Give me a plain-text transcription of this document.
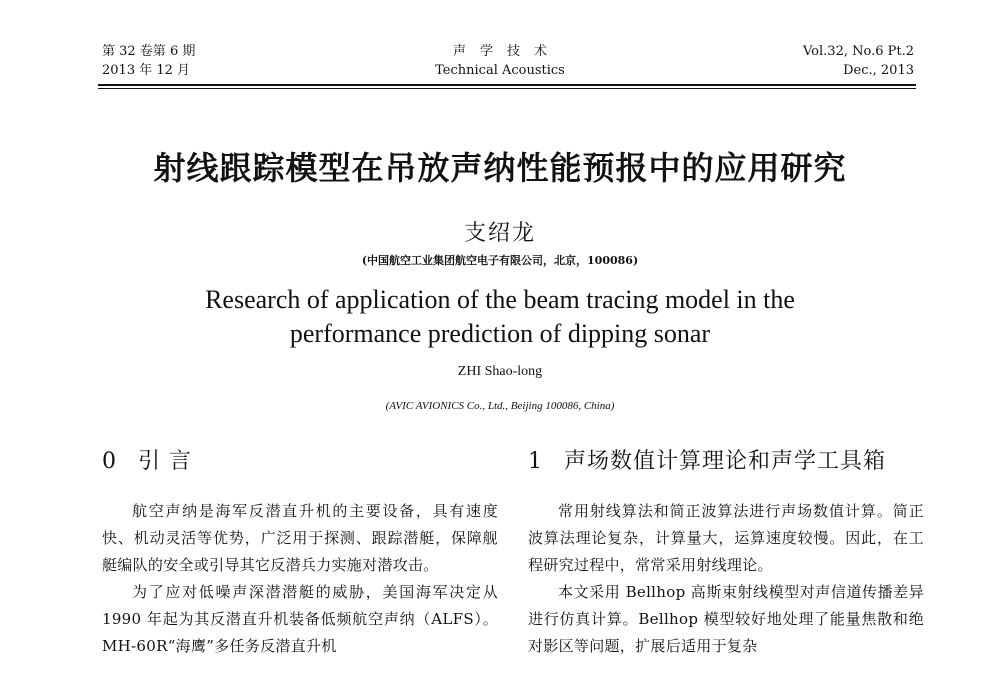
第 32 卷第 6 期
2013 年 12 月
声学技术
Technical Acoustics
Vol.32, No.6 Pt.2
Dec., 2013
射线跟踪模型在吊放声纳性能预报中的应用研究
支绍龙
(中国航空工业集团航空电子有限公司，北京，100086)
Research of application of the beam tracing model in the
performance prediction of dipping sonar
ZHI Shao-long
(AVIC AVIONICS Co., Ltd., Beijing 100086, China)
0 引 言

航空声纳是海军反潜直升机的主要设备，具有速度快、机动灵活等优势，广泛用于探测、跟踪潜艇，保障舰艇编队的安全或引导其它反潜兵力实施对潜攻击。

为了应对低噪声深潜潜艇的威胁，美国海军决定从 1990 年起为其反潜直升机装备低频航空声纳（ALFS）。MH-60R“海鹰”多任务反潜直升机

1 声场数值计算理论和声学工具箱

常用射线算法和简正波算法进行声场数值计算。简正波算法理论复杂，计算量大，运算速度较慢。因此，在工程研究过程中，常常采用射线理论。

本文采用 Bellhop 高斯束射线模型对声信道传播差异进行仿真计算。Bellhop 模型较好地处理了能量焦散和绝对影区等问题，扩展后适用于复杂
